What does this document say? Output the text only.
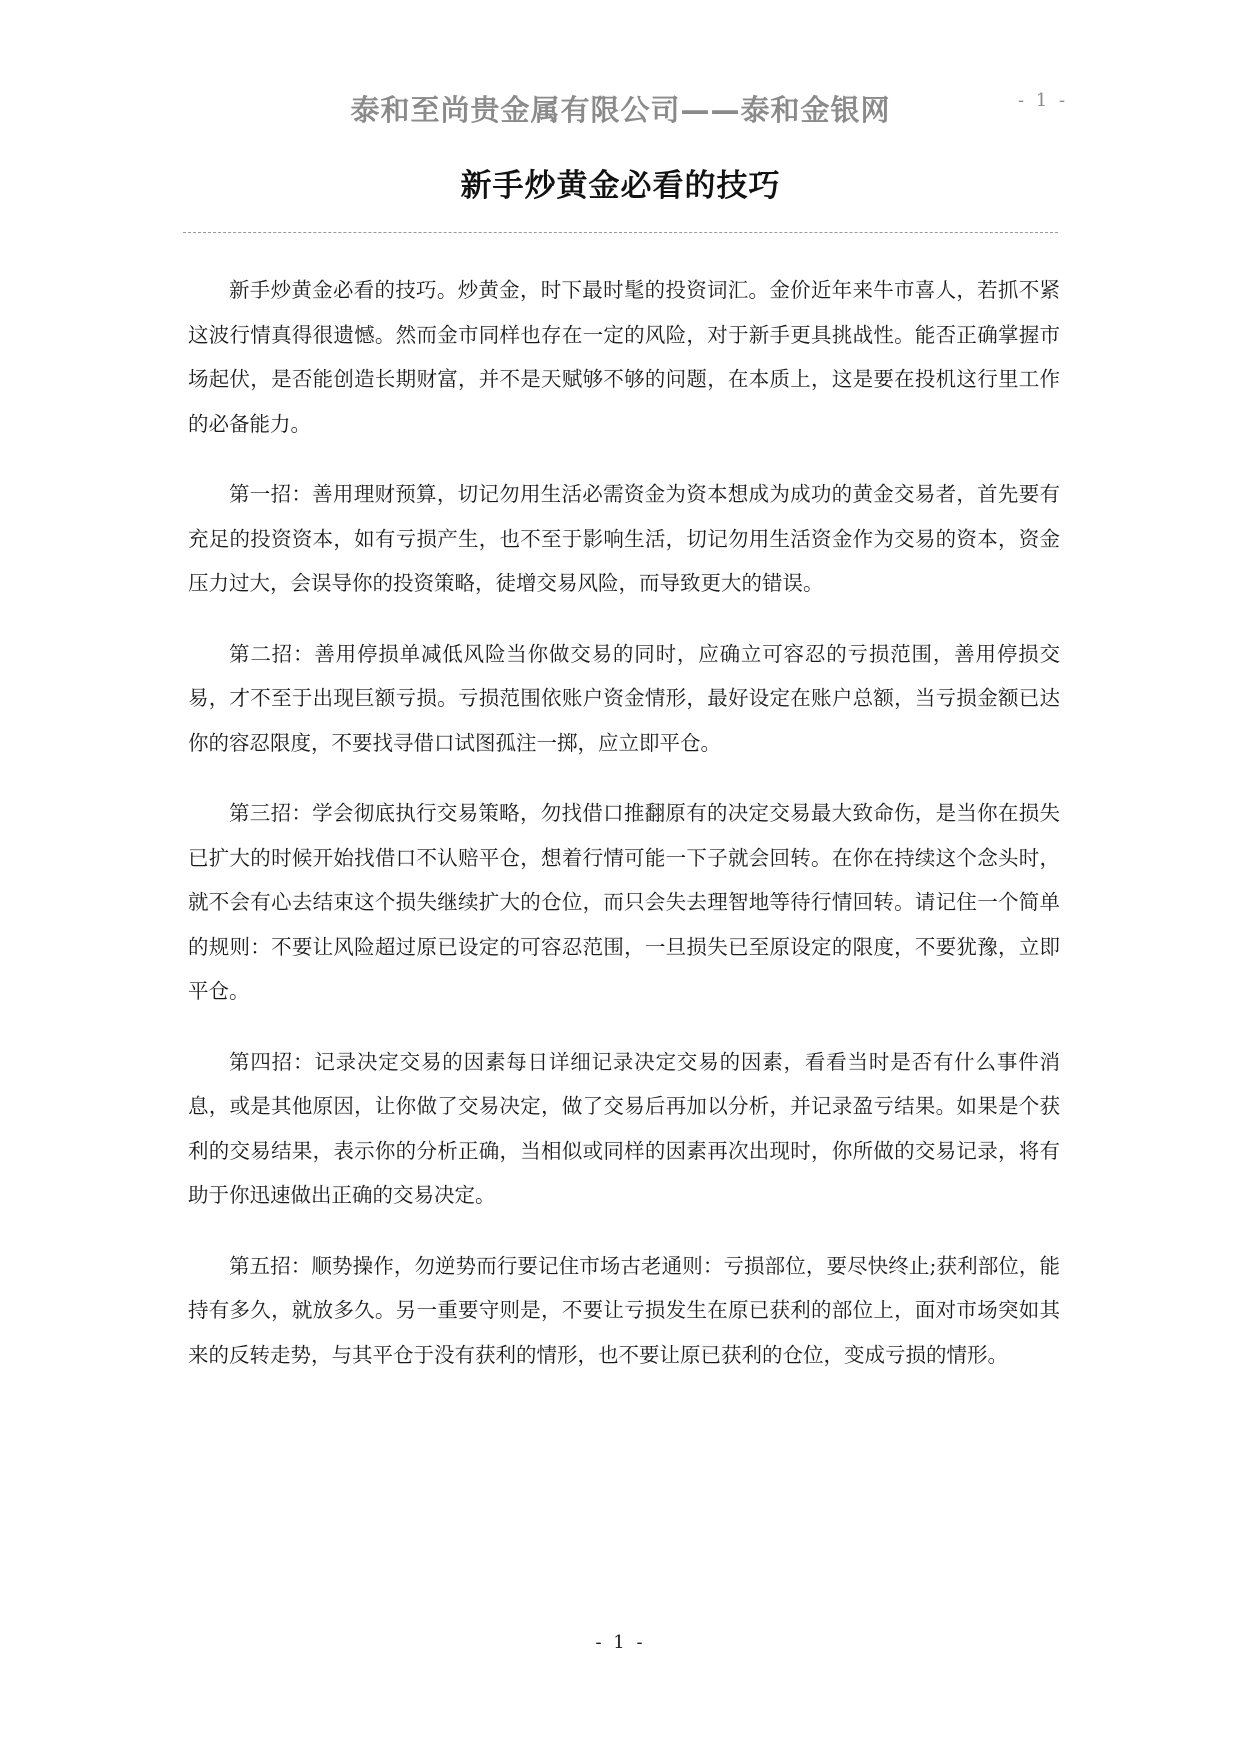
泰和至尚贵金属有限公司——泰和金银网	- 1 -
新手炒黄金必看的技巧

新手炒黄金必看的技巧。炒黄金，时下最时髦的投资词汇。金价近年来牛市喜人，若抓不紧这波行情真得很遗憾。然而金市同样也存在一定的风险，对于新手更具挑战性。能否正确掌握市场起伏，是否能创造长期财富，并不是天赋够不够的问题，在本质上，这是要在投机这行里工作的必备能力。

第一招：善用理财预算，切记勿用生活必需资金为资本想成为成功的黄金交易者，首先要有充足的投资资本，如有亏损产生，也不至于影响生活，切记勿用生活资金作为交易的资本，资金压力过大，会误导你的投资策略，徒增交易风险，而导致更大的错误。

第二招：善用停损单减低风险当你做交易的同时，应确立可容忍的亏损范围，善用停损交易，才不至于出现巨额亏损。亏损范围依账户资金情形，最好设定在账户总额，当亏损金额已达你的容忍限度，不要找寻借口试图孤注一掷，应立即平仓。

第三招：学会彻底执行交易策略，勿找借口推翻原有的决定交易最大致命伤，是当你在损失已扩大的时候开始找借口不认赔平仓，想着行情可能一下子就会回转。在你在持续这个念头时，就不会有心去结束这个损失继续扩大的仓位，而只会失去理智地等待行情回转。请记住一个简单的规则：不要让风险超过原已设定的可容忍范围，一旦损失已至原设定的限度，不要犹豫，立即平仓。

第四招：记录决定交易的因素每日详细记录决定交易的因素，看看当时是否有什么事件消息，或是其他原因，让你做了交易决定，做了交易后再加以分析，并记录盈亏结果。如果是个获利的交易结果，表示你的分析正确，当相似或同样的因素再次出现时，你所做的交易记录，将有助于你迅速做出正确的交易决定。

第五招：顺势操作，勿逆势而行要记住市场古老通则：亏损部位，要尽快终止;获利部位，能持有多久，就放多久。另一重要守则是，不要让亏损发生在原已获利的部位上，面对市场突如其来的反转走势，与其平仓于没有获利的情形，也不要让原已获利的仓位，变成亏损的情形。

- 1 -
